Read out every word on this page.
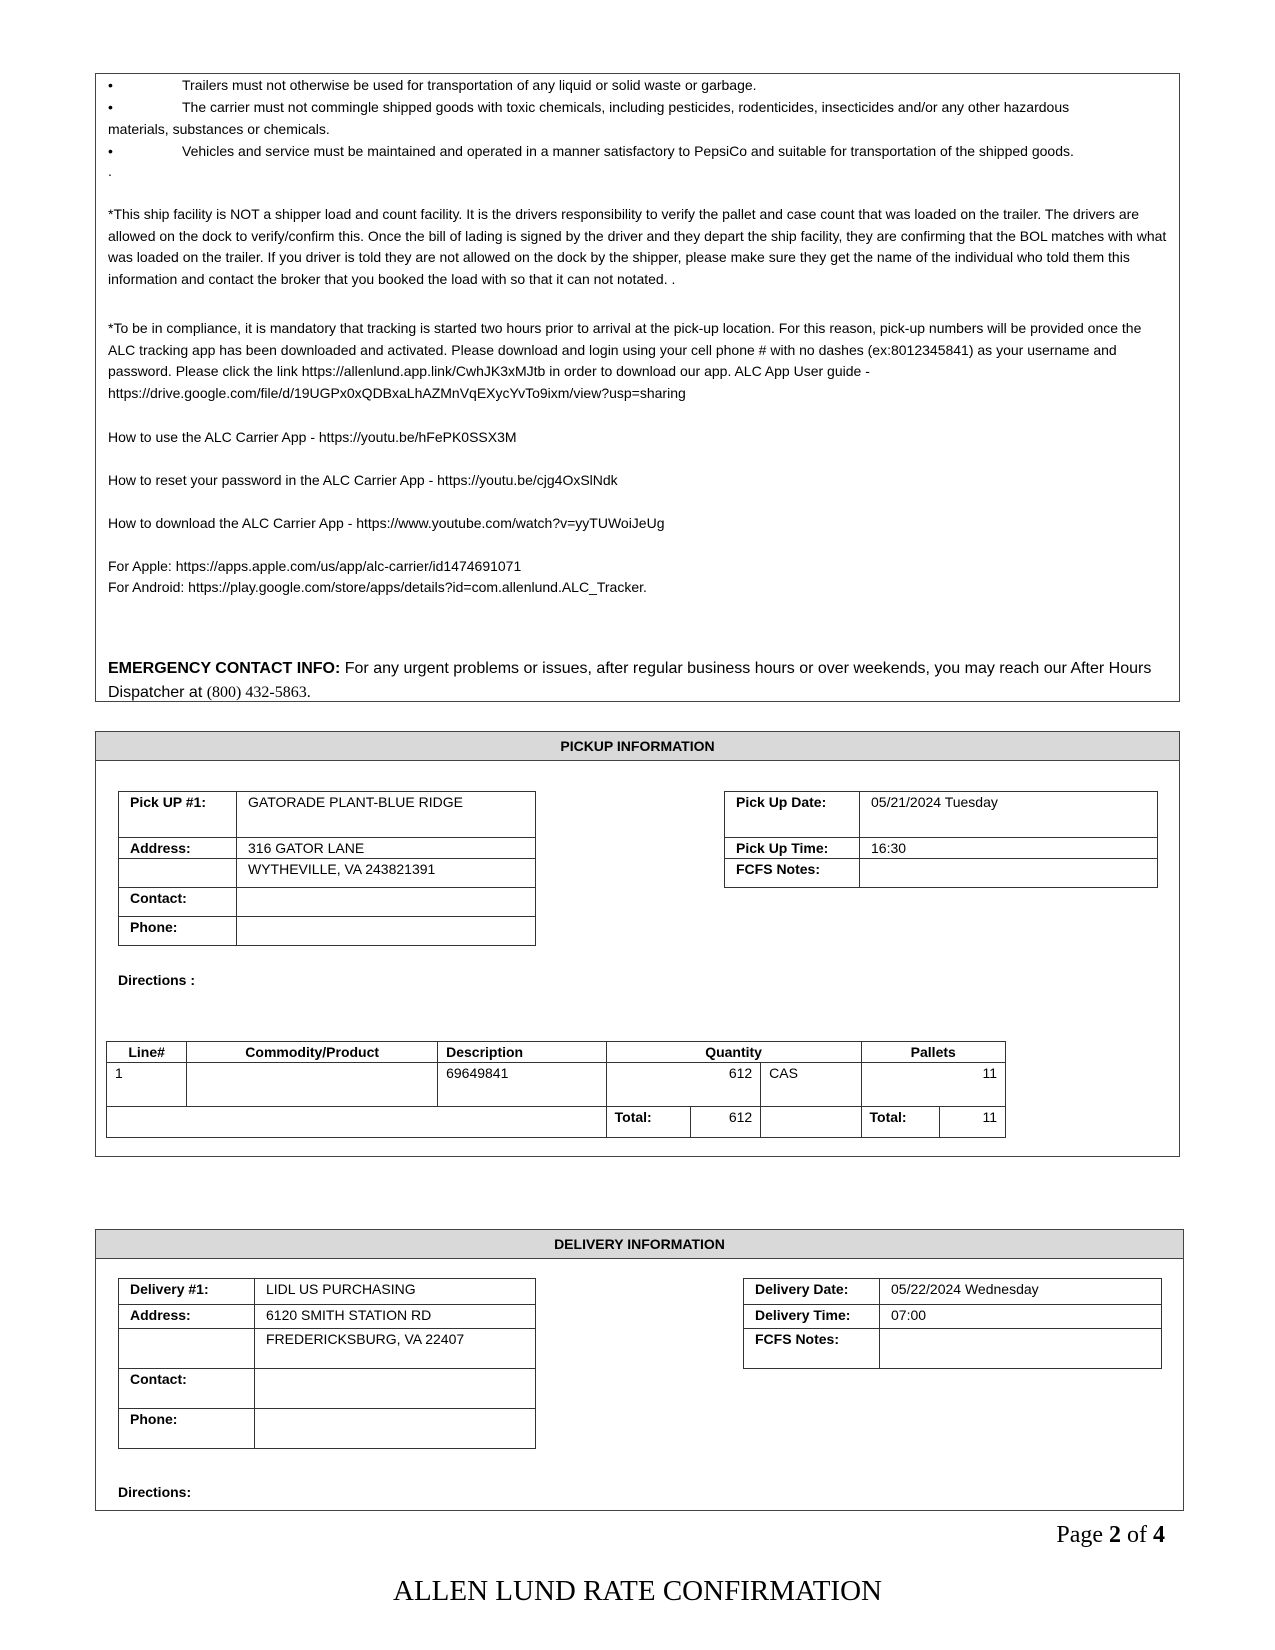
•	Trailers must not otherwise be used for transportation of any liquid or solid waste or garbage.
•	The carrier must not commingle shipped goods with toxic chemicals, including pesticides, rodenticides, insecticides and/or any other hazardous
materials, substances or chemicals.
•	Vehicles and service must be maintained and operated in a manner satisfactory to PepsiCo and suitable for transportation of the shipped goods.
.
*This ship facility is NOT a shipper load and count facility. It is the drivers responsibility to verify the pallet and case count that was loaded on the trailer. The drivers are allowed on the dock to verify/confirm this. Once the bill of lading is signed by the driver and they depart the ship facility, they are confirming that the BOL matches with what was loaded on the trailer. If you driver is told they are not allowed on the dock by the shipper, please make sure they get the name of the individual who told them this information and contact the broker that you booked the load with so that it can not notated. .
*To be in compliance, it is mandatory that tracking is started two hours prior to arrival at the pick-up location. For this reason, pick-up numbers will be provided once the ALC tracking app has been downloaded and activated. Please download and login using your cell phone # with no dashes (ex:8012345841) as your username and password. Please click the link https://allenlund.app.link/CwhJK3xMJtb in order to download our app. ALC App User guide - https://drive.google.com/file/d/19UGPx0xQDBxaLhAZMnVqEXycYvTo9ixm/view?usp=sharing
How to use the ALC Carrier App - https://youtu.be/hFePK0SSX3M
How to reset your password in the ALC Carrier App - https://youtu.be/cjg4OxSlNdk
How to download the ALC Carrier App - https://www.youtube.com/watch?v=yyTUWoiJeUg
For Apple: https://apps.apple.com/us/app/alc-carrier/id1474691071
For Android: https://play.google.com/store/apps/details?id=com.allenlund.ALC_Tracker.
EMERGENCY CONTACT INFO: For any urgent problems or issues, after regular business hours or over weekends, you may reach our After Hours Dispatcher at (800) 432-5863.
PICKUP INFORMATION
Pick UP #1:	GATORADE PLANT-BLUE RIDGE
Address:	316 GATOR LANE
	WYTHEVILLE, VA 243821391
Contact:	
Phone:	
Pick Up Date:	05/21/2024 Tuesday
Pick Up Time:	16:30
FCFS Notes:	
Directions :
Line#	Commodity/Product	Description	Quantity			Pallets	
1		69649841	612		CAS	11	
			Total:	612		Total:	11
DELIVERY INFORMATION
Delivery #1:	LIDL US PURCHASING
Address:	6120 SMITH STATION RD
	FREDERICKSBURG, VA 22407
Contact:	
Phone:	
Delivery Date:	05/22/2024 Wednesday
Delivery Time:	07:00
FCFS Notes:	
Directions:
Page 2 of 4
ALLEN LUND RATE CONFIRMATION
